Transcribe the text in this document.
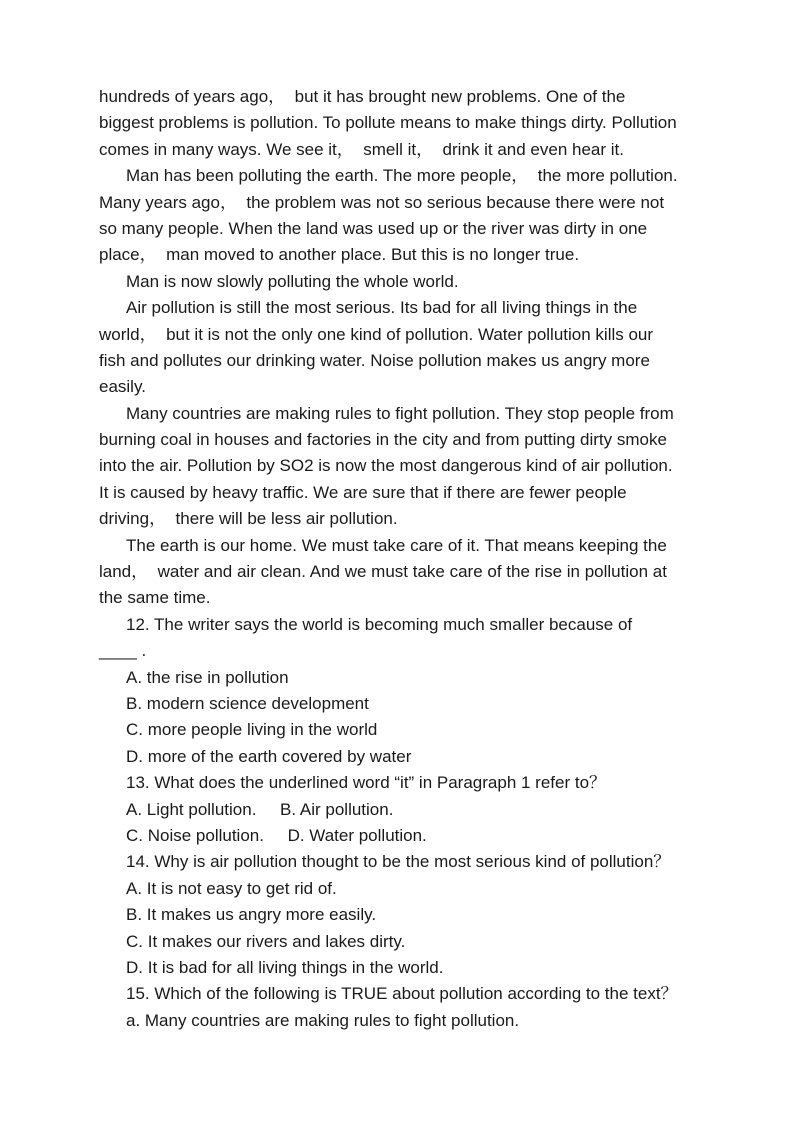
hundreds of years ago，  but it has brought new problems. One of the

biggest problems is pollution. To pollute means to make things dirty. Pollution

comes in many ways. We see it，  smell it，  drink it and even hear it.

Man has been polluting the earth. The more people，  the more pollution.

Many years ago，  the problem was not so serious because there were not

so many people. When the land was used up or the river was dirty in one

place，  man moved to another place. But this is no longer true.

Man is now slowly polluting the whole world.

Air pollution is still the most serious. Its bad for all living things in the

world，  but it is not the only one kind of pollution. Water pollution kills our

fish and pollutes our drinking water. Noise pollution makes us angry more

easily.

Many countries are making rules to fight pollution. They stop people from

burning coal in houses and factories in the city and from putting dirty smoke

into the air. Pollution by SO2 is now the most dangerous kind of air pollution.

It is caused by heavy traffic. We are sure that if there are fewer people

driving，  there will be less air pollution.

The earth is our home. We must take care of it. That means keeping the

land，  water and air clean. And we must take care of the rise in pollution at

the same time.

12. The writer says the world is becoming much smaller because of

____ .

A. the rise in pollution

B. modern science development

C. more people living in the world

D. more of the earth covered by water

13. What does the underlined word “it” in Paragraph 1 refer to？

A. Light pollution.     B. Air pollution.

C. Noise pollution.     D. Water pollution.

14. Why is air pollution thought to be the most serious kind of pollution？

A. It is not easy to get rid of.

B. It makes us angry more easily.

C. It makes our rivers and lakes dirty.

D. It is bad for all living things in the world.

15. Which of the following is TRUE about pollution according to the text？

a. Many countries are making rules to fight pollution.
